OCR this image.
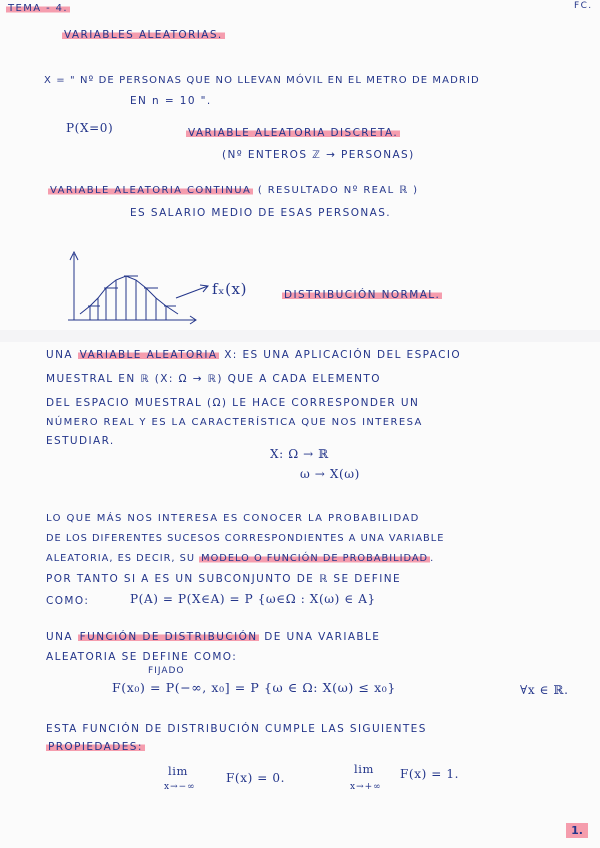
TEMA - 4.	FC.
VARIABLES ALEATORIAS.
X = " Nº DE PERSONAS QUE NO LLEVAN MÓVIL EN EL METRO DE MADRID
EN n = 10 ".
P(X=0)	VARIABLE ALEATORIA DISCRETA.
(Nº ENTEROS ℤ → PERSONAS)
VARIABLE ALEATORIA CONTINUA ( RESULTADO Nº REAL ℝ )
ES SALARIO MEDIO DE ESAS PERSONAS.
fₓ(x)	DISTRIBUCIÓN NORMAL.
UNA VARIABLE ALEATORIA X: ES UNA APLICACIÓN DEL ESPACIO
MUESTRAL EN ℝ (X: Ω → ℝ) QUE A CADA ELEMENTO
DEL ESPACIO MUESTRAL (Ω) LE HACE CORRESPONDER UN
NÚMERO REAL Y ES LA CARACTERÍSTICA QUE NOS INTERESA
ESTUDIAR.
X: Ω → ℝ
ω → X(ω)
LO QUE MÁS NOS INTERESA ES CONOCER LA PROBABILIDAD
DE LOS DIFERENTES SUCESOS CORRESPONDIENTES A UNA VARIABLE
ALEATORIA, ES DECIR, SU MODELO O FUNCIÓN DE PROBABILIDAD .
POR TANTO SI A ES UN SUBCONJUNTO DE ℝ SE DEFINE
COMO:	P(A) = P(X∈A) = P {ω∈Ω : X(ω) ∈ A}
UNA FUNCIÓN DE DISTRIBUCIÓN DE UNA VARIABLE
ALEATORIA SE DEFINE COMO:
FIJADO
F(x₀) = P(−∞, x₀] = P {ω ∈ Ω: X(ω) ≤ x₀}	∀x ∈ ℝ.
ESTA FUNCIÓN DE DISTRIBUCIÓN CUMPLE LAS SIGUIENTES
PROPIEDADES:
lim
x→−∞
F(x) = 0.
lim
x→+∞
F(x) = 1.
1.
